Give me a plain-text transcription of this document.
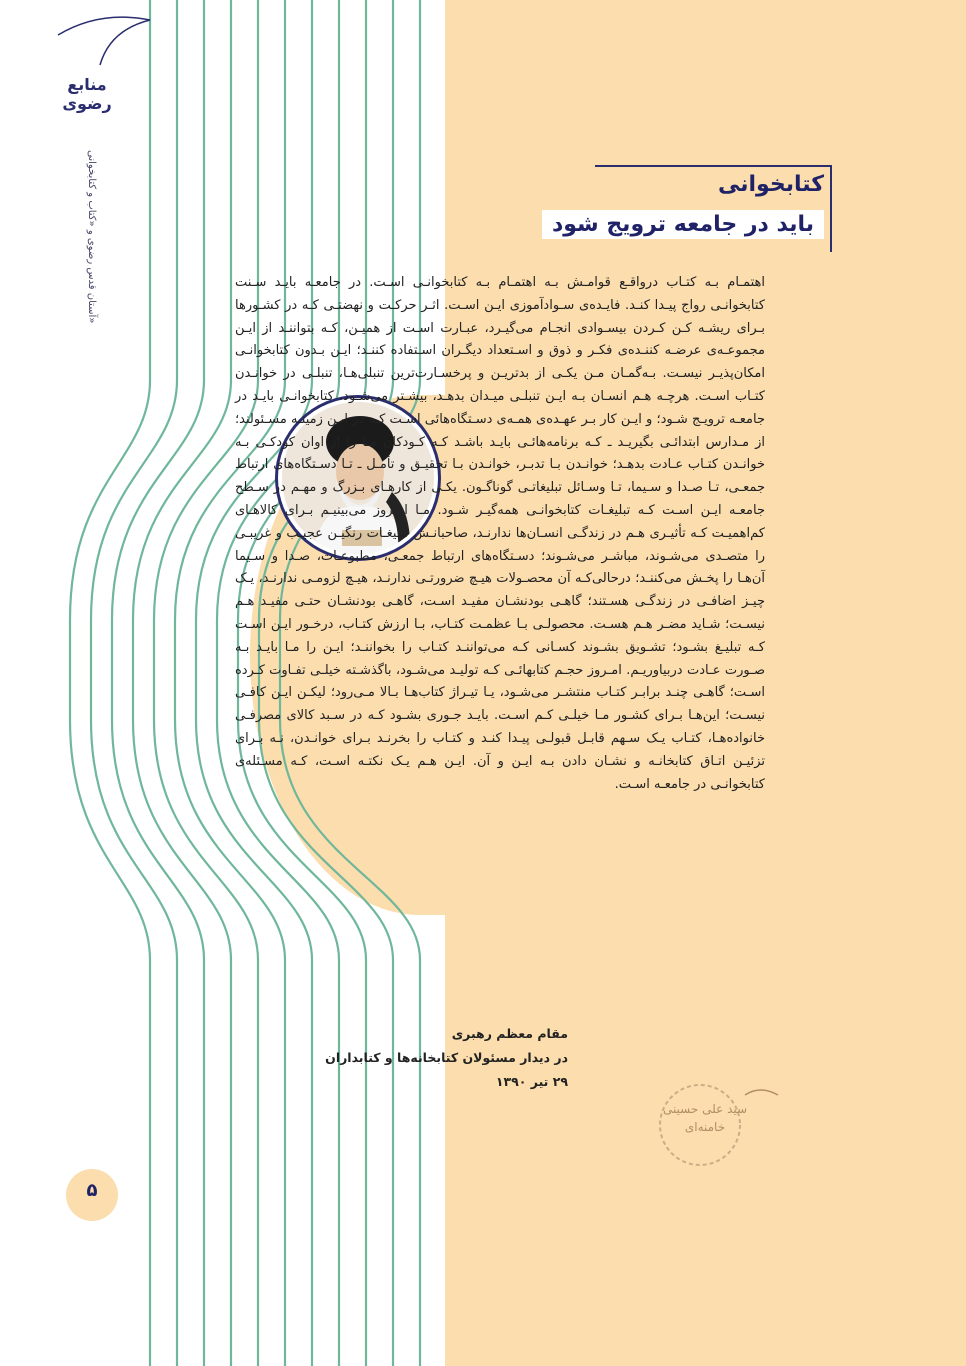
منابع رضوی
آستان قدس رضوی و «کتاب و کتابخوانی»
کتابخوانی
باید در جامعه ترویج شود
اهتمـام بـه کتـاب درواقـع قوامـش بـه اهتمـام بـه کتابخوانـی اسـت. در جامعـه بایـد سـنت کتابخوانـی رواج پیـدا کنـد. فایـده‌ی سـوادآموزی ایـن اسـت. اثـر حرکـت و نهضتـی کـه در کشـورها بـرای ریشـه کـن کـردن بیسـوادی انجـام می‌گیـرد، عبـارت اسـت از همیـن، کـه بتواننـد از ایـن مجموعـه‌ی عرضـه کننـده‌ی فکـر و ذوق و اسـتعداد دیگـران اسـتفاده کننـد؛ ایـن بـدون کتابخوانـی امکان‌پذیـر نیسـت. بـه‌گمـان مـن یکـی از بدتریـن و پرخسـارت‌ترین تنبلی‌هـا، تنبلـی در خوانـدن کتـاب اسـت. هرچـه هـم انسـان بـه ایـن تنبلـی میـدان بدهـد، بیشـتر می‌شـود. کتابخوانـی بایـد در جامعـه ترویـج شـود؛ و ایـن کار بـر عهـده‌ی همـه‌ی دسـتگاه‌هائی اسـت کـه در ایـن زمینـه مسـئولند؛ از مـدارس ابتدائـی بگیریـد ـ کـه برنامه‌هائـی بایـد باشـد کـه کـودکان مـا را از اوان کودکـی بـه خوانـدن کتـاب عـادت بدهـد؛ خوانـدن بـا تدبـر، خوانـدن بـا تحقیـق و تأمـل ـ تـا دسـتگاه‌های ارتباط جمعـی، تـا صـدا و سـیما، تـا وسـائل تبلیغاتـی گوناگـون. یکـی از کارهـای بـزرگ و مهـم در سـطح جامعـه ایـن اسـت کـه تبلیغـات کتابخوانـی همه‌گیـر شـود. مـا امـروز می‌بینیـم بـرای کالاهـای کم‌اهمیـت کـه تأثیـری هـم در زندگـی انسـان‌ها ندارنـد، صاحبانـش تبلیغـات رنگیـن عجیـب و غریبـی را متصـدی می‌شـوند، مباشـر می‌شـوند؛ دسـتگاه‌های ارتباط جمعـی، مطبوعـات، صـدا و سـیما آن‌هـا را پخـش می‌کننـد؛ درحالی‌کـه آن محصـولات هیـچ ضرورتـی ندارنـد، هیـچ لزومـی ندارنـد، یـک چیـز اضافـی در زندگـی هسـتند؛ گاهـی بودنشـان مفیـد اسـت، گاهـی بودنشـان حتـی مفیـد هـم نیسـت؛ شـاید مضـر هـم هسـت. محصولـی بـا عظمـت کتـاب، بـا ارزش کتـاب، درخـور ایـن اسـت کـه تبلیـغ بشـود؛ تشـویق بشـوند کسـانی کـه می‌تواننـد کتـاب را بخواننـد؛ ایـن را مـا بایـد بـه صـورت عـادت دربیاوریـم. امـروز حجـم کتابهائـی کـه تولیـد می‌شـود، باگذشـته خیلـی تفـاوت کـرده اسـت؛ گاهـی چنـد برابـر کتـاب منتشـر می‌شـود، یـا تیـراژ کتاب‌هـا بـالا مـی‌رود؛ لیکـن ایـن کافـی نیسـت؛ این‌هـا بـرای کشـور مـا خیلـی کـم اسـت. بایـد جـوری بشـود کـه در سـبد کالای مصرفـی خانواده‌هـا، کتـاب یـک سـهم قابـل قبولـی پیـدا کنـد و کتـاب را بخرنـد بـرای خوانـدن، نـه بـرای تزئیـن اتـاق کتابخانـه و نشـان دادن بـه ایـن و آن. ایـن هـم یـک نکتـه اسـت، کـه مسـئله‌ی کتابخوانـی در جامعـه اسـت.
مقام معظم رهبری
در دیدار مسئولان کتابخانه‌ها و کتابداران
۲۹ تیر ۱۳۹۰
سید علی حسینی خامنه‌ای
۵
